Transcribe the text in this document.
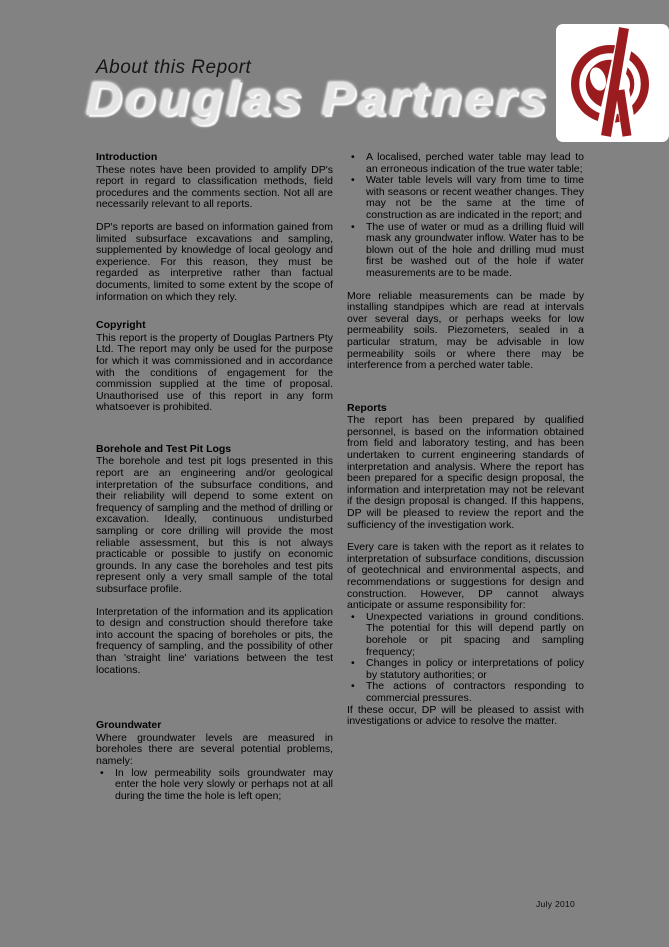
About this Report
Douglas Partners

Introduction

These notes have been provided to amplify DP's report in regard to classification methods, field procedures and the comments section. Not all are necessarily relevant to all reports.

DP's reports are based on information gained from limited subsurface excavations and sampling, supplemented by knowledge of local geology and experience. For this reason, they must be regarded as interpretive rather than factual documents, limited to some extent by the scope of information on which they rely.

Copyright

This report is the property of Douglas Partners Pty Ltd. The report may only be used for the purpose for which it was commissioned and in accordance with the conditions of engagement for the commission supplied at the time of proposal. Unauthorised use of this report in any form whatsoever is prohibited.

Borehole and Test Pit Logs

The borehole and test pit logs presented in this report are an engineering and/or geological interpretation of the subsurface conditions, and their reliability will depend to some extent on frequency of sampling and the method of drilling or excavation. Ideally, continuous undisturbed sampling or core drilling will provide the most reliable assessment, but this is not always practicable or possible to justify on economic grounds. In any case the boreholes and test pits represent only a very small sample of the total subsurface profile.

Interpretation of the information and its application to design and construction should therefore take into account the spacing of boreholes or pits, the frequency of sampling, and the possibility of other than 'straight line' variations between the test locations.

Groundwater

Where groundwater levels are measured in boreholes there are several potential problems, namely:

• In low permeability soils groundwater may enter the hole very slowly or perhaps not at all during the time the hole is left open;
• A localised, perched water table may lead to an erroneous indication of the true water table;
• Water table levels will vary from time to time with seasons or recent weather changes. They may not be the same at the time of construction as are indicated in the report; and
• The use of water or mud as a drilling fluid will mask any groundwater inflow. Water has to be blown out of the hole and drilling mud must first be washed out of the hole if water measurements are to be made.

More reliable measurements can be made by installing standpipes which are read at intervals over several days, or perhaps weeks for low permeability soils. Piezometers, sealed in a particular stratum, may be advisable in low permeability soils or where there may be interference from a perched water table.

Reports

The report has been prepared by qualified personnel, is based on the information obtained from field and laboratory testing, and has been undertaken to current engineering standards of interpretation and analysis. Where the report has been prepared for a specific design proposal, the information and interpretation may not be relevant if the design proposal is changed. If this happens, DP will be pleased to review the report and the sufficiency of the investigation work.

Every care is taken with the report as it relates to interpretation of subsurface conditions, discussion of geotechnical and environmental aspects, and recommendations or suggestions for design and construction. However, DP cannot always anticipate or assume responsibility for:

• Unexpected variations in ground conditions. The potential for this will depend partly on borehole or pit spacing and sampling frequency;
• Changes in policy or interpretations of policy by statutory authorities; or
• The actions of contractors responding to commercial pressures.

If these occur, DP will be pleased to assist with investigations or advice to resolve the matter.

July 2010
